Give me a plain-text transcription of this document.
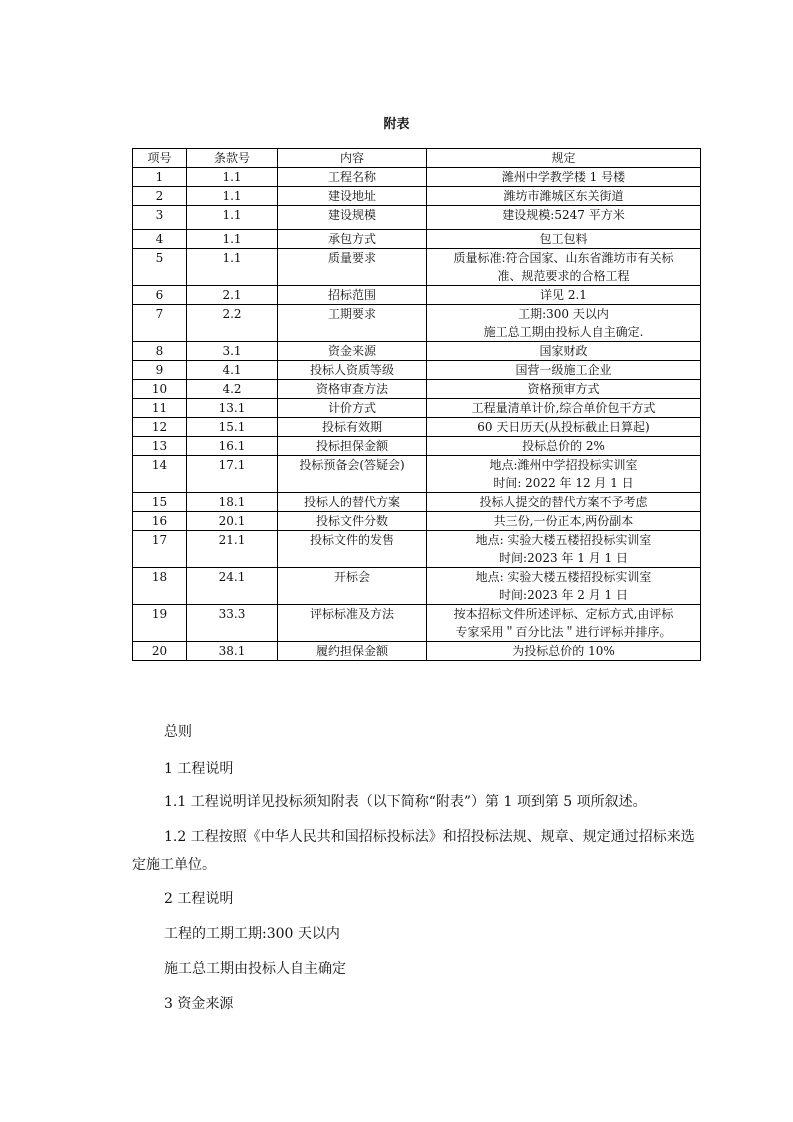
附表
项号	条款号	内容	规定
1	1.1	工程名称	潍州中学教学楼 1 号楼
2	1.1	建设地址	潍坊市潍城区东关街道
3	1.1	建设规模	建设规模:5247 平方米
4	1.1	承包方式	包工包料
5	1.1	质量要求	质量标准:符合国家、山东省潍坊市有关标
准、规范要求的合格工程
6	2.1	招标范围	详见 2.1
7	2.2	工期要求	工期:300 天以内
施工总工期由投标人自主确定.
8	3.1	资金来源	国家财政
9	4.1	投标人资质等级	国营一级施工企业
10	4.2	资格审查方法	资格预审方式
11	13.1	计价方式	工程量清单计价,综合单价包干方式
12	15.1	投标有效期	60 天日历天(从投标截止日算起)
13	16.1	投标担保金额	投标总价的 2%
14	17.1	投标预备会(答疑会)	地点:潍州中学招投标实训室
时间: 2022 年 12 月 1 日
15	18.1	投标人的替代方案	投标人提交的替代方案不予考虑
16	20.1	投标文件分数	共三份,一份正本,两份副本
17	21.1	投标文件的发售	地点: 实验大楼五楼招投标实训室
时间:2023 年 1 月 1 日
18	24.1	开标会	地点: 实验大楼五楼招投标实训室
时间:2023 年 2 月 1 日
19	33.3	评标标准及方法	按本招标文件所述评标、定标方式,由评标
专家采用＂百分比法＂进行评标并排序。
20	38.1	履约担保金额	为投标总价的 10%

总则

1 工程说明

1.1 工程说明详见投标须知附表（以下简称“附表”）第 1 项到第 5 项所叙述。

1.2 工程按照《中华人民共和国招标投标法》和招投标法规、规章、规定通过招标来选定施工单位。

2 工程说明

工程的工期工期:300 天以内

施工总工期由投标人自主确定

3 资金来源
